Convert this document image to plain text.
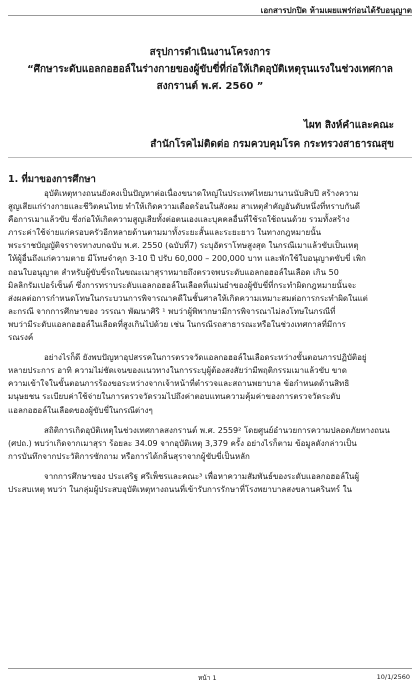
เอกสารปกปิด ห้ามเผยแพร่ก่อนได้รับอนุญาต
สรุปการดำเนินงานโครงการ
“ศึกษาระดับแอลกอฮอล์ในร่างกายของผู้ขับขี่ที่ก่อให้เกิดอุบัติเหตุรุนแรงในช่วงเทศกาล
สงกรานต์ พ.ศ. 2560 ”
ไผท สิงห์คำและคณะ
สำนักโรคไม่ติดต่อ กรมควบคุมโรค กระทรวงสาธารณสุข
1. ที่มาของการศึกษา
อุบัติเหตุทางถนนยังคงเป็นปัญหาต่อเนื่องขนาดใหญ่ในประเทศไทยมานานนับสิบปี สร้างความ
สูญเสียแก่ร่างกายและชีวิตคนไทย ทำให้เกิดความเดือดร้อนในสังคม สาเหตุสำคัญอันดับหนึ่งที่ทราบกันดี
คือการเมาแล้วขับ ซึ่งก่อให้เกิดความสูญเสียทั้งต่อตนเองและบุคคลอื่นที่ใช้รถใช้ถนนด้วย รวมทั้งสร้าง
ภาระค่าใช้จ่ายแก่ครอบครัวอีกหลายด้านตามมาทั้งระยะสั้นและระยะยาว ในทางกฎหมายนั้น
พระราชบัญญัติจราจรทางบกฉบับ พ.ศ. 2550 (ฉบับที่7) ระบุอัตราโทษสูงสุด ในกรณีเมาแล้วขับเป็นเหตุ
ให้ผู้อื่นถึงแก่ความตาย มีโทษจำคุก 3-10 ปี ปรับ 60,000 – 200,000 บาท และพักใช้ใบอนุญาตขับขี่ เพิก
ถอนใบอนุญาต สำหรับผู้ขับขี่รถในขณะเมาสุราหมายถึงตรวจพบระดับแอลกอฮอล์ในเลือด เกิน 50
มิลลิกรัมเปอร์เซ็นต์ ซึ่งการทราบระดับแอลกอฮอล์ในเลือดที่แม่นยำของผู้ขับขี่ที่กระทำผิดกฎหมายนั้นจะ
ส่งผลต่อการกำหนดโทษในกระบวนการพิจารณาคดีในชั้นศาลให้เกิดความเหมาะสมต่อการกระทำผิดในแต่
ละกรณี จากการศึกษาของ วรรณา พัฒนาศิริ ¹ พบว่าผู้พิพากษามีการพิจารณาไม่ลงโทษในกรณีที่
พบว่ามีระดับแอลกอฮอล์ในเลือดที่สูงเกินไปด้วย เช่น ในกรณีรถสาธารณะหรือในช่วงเทศกาลที่มีการ
รณรงค์
อย่างไรก็ดี ยังพบปัญหาอุปสรรคในการตรวจวัดแอลกอฮอล์ในเลือดระหว่างขั้นตอนการปฏิบัติอยู่
หลายประการ อาทิ ความไม่ชัดเจนของแนวทางในการระบุผู้ต้องสงสัยว่ามีพฤติกรรมเมาแล้วขับ ขาด
ความเข้าใจในขั้นตอนการร้องขอระหว่างจากเจ้าหน้าที่ตำรวจและสถานพยาบาล ข้อกำหนดด้านสิทธิ
มนุษยชน ระเบียบค่าใช้จ่ายในการตรวจวัดรวมไปถึงค่าตอบแทนความคุ้มค่าของการตรวจวัดระดับ
แอลกอฮอล์ในเลือดของผู้ขับขี่ในกรณีต่างๆ
สถิติการเกิดอุบัติเหตุในช่วงเทศกาลสงกรานต์ พ.ศ. 2559² โดยศูนย์อำนวยการความปลอดภัยทางถนน
(ศปถ.) พบว่าเกิดจากเมาสุรา ร้อยละ 34.09 จากอุบัติเหตุ 3,379 ครั้ง อย่างไรก็ตาม ข้อมูลดังกล่าวเป็น
การบันทึกจากประวัติการซักถาม หรือการได้กลิ่นสุราจากผู้ขับขี่เป็นหลัก
จากการศึกษาของ ประเสริฐ ศรีเพ็ชรและคณะ³ เพื่อหาความสัมพันธ์ของระดับแอลกอฮอล์ในผู้
ประสบเหตุ พบว่า ในกลุ่มผู้ประสบอุบัติเหตุทางถนนที่เข้ารับการรักษาที่โรงพยาบาลสงขลานครินทร์ ใน
หน้า 1	10/1/2560
